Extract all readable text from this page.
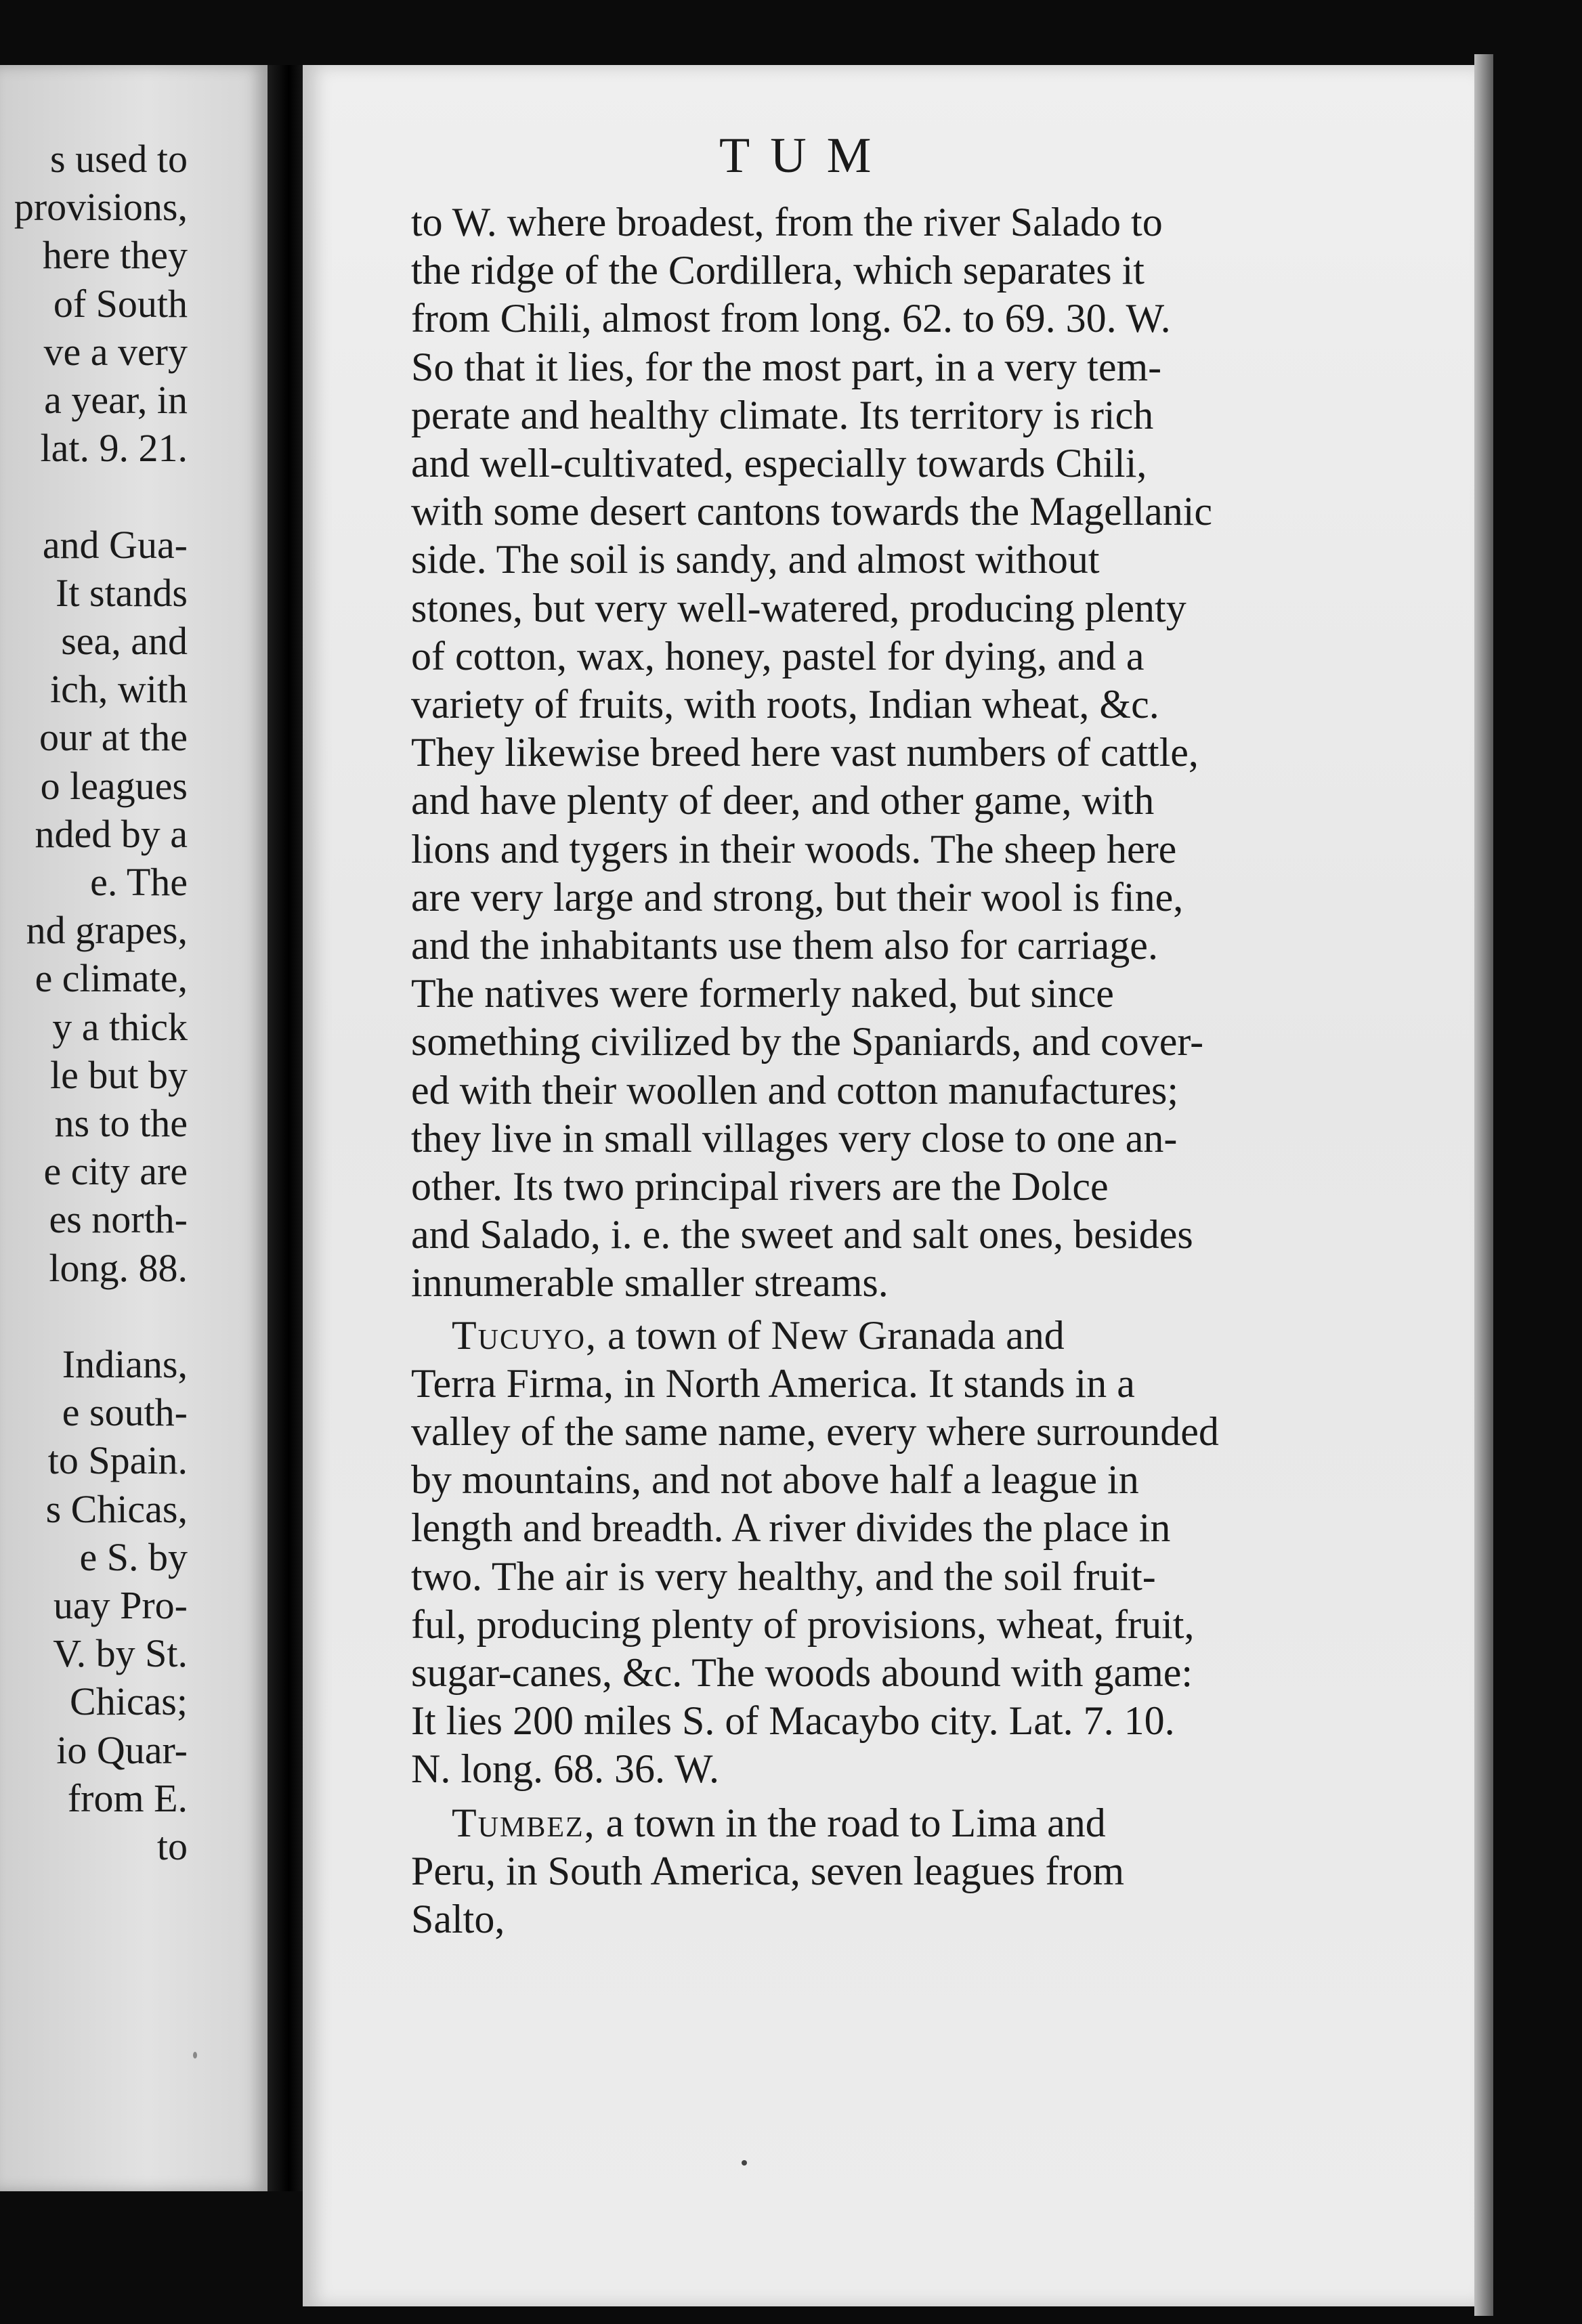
s used to
provisions,
here they
of South
ve a very
a year, in
lat. 9. 21.
and Gua-
It stands
sea, and
ich, with
our at the
o leagues
nded by a
e. The
nd grapes,
e climate,
y a thick
le but by
ns to the
e city are
es north-
long. 88.
Indians,
e south-
to Spain.
s Chicas,
e S. by
uay Pro-
V. by St.
Chicas;
io Quar-
from E.
to
TUM
to W. where broadest, from the river Salado to
the ridge of the Cordillera, which separates it
from Chili, almost from long. 62. to 69. 30. W.
So that it lies, for the most part, in a very tem-
perate and healthy climate. Its territory is rich
and well-cultivated, especially towards Chili,
with some desert cantons towards the Magellanic
side. The soil is sandy, and almost without
stones, but very well-watered, producing plenty
of cotton, wax, honey, pastel for dying, and a
variety of fruits, with roots, Indian wheat, &c.
They likewise breed here vast numbers of cattle,
and have plenty of deer, and other game, with
lions and tygers in their woods. The sheep here
are very large and strong, but their wool is fine,
and the inhabitants use them also for carriage.
The natives were formerly naked, but since
something civilized by the Spaniards, and cover-
ed with their woollen and cotton manufactures;
they live in small villages very close to one an-
other. Its two principal rivers are the Dolce
and Salado, i. e. the sweet and salt ones, besides
innumerable smaller streams.
Tucuyo, a town of New Granada and
Terra Firma, in North America. It stands in a
valley of the same name, every where surrounded
by mountains, and not above half a league in
length and breadth. A river divides the place in
two. The air is very healthy, and the soil fruit-
ful, producing plenty of provisions, wheat, fruit,
sugar-canes, &c. The woods abound with game:
It lies 200 miles S. of Macaybo city. Lat. 7. 10.
N. long. 68. 36. W.
Tumbez, a town in the road to Lima and
Peru, in South America, seven leagues from
Salto,
